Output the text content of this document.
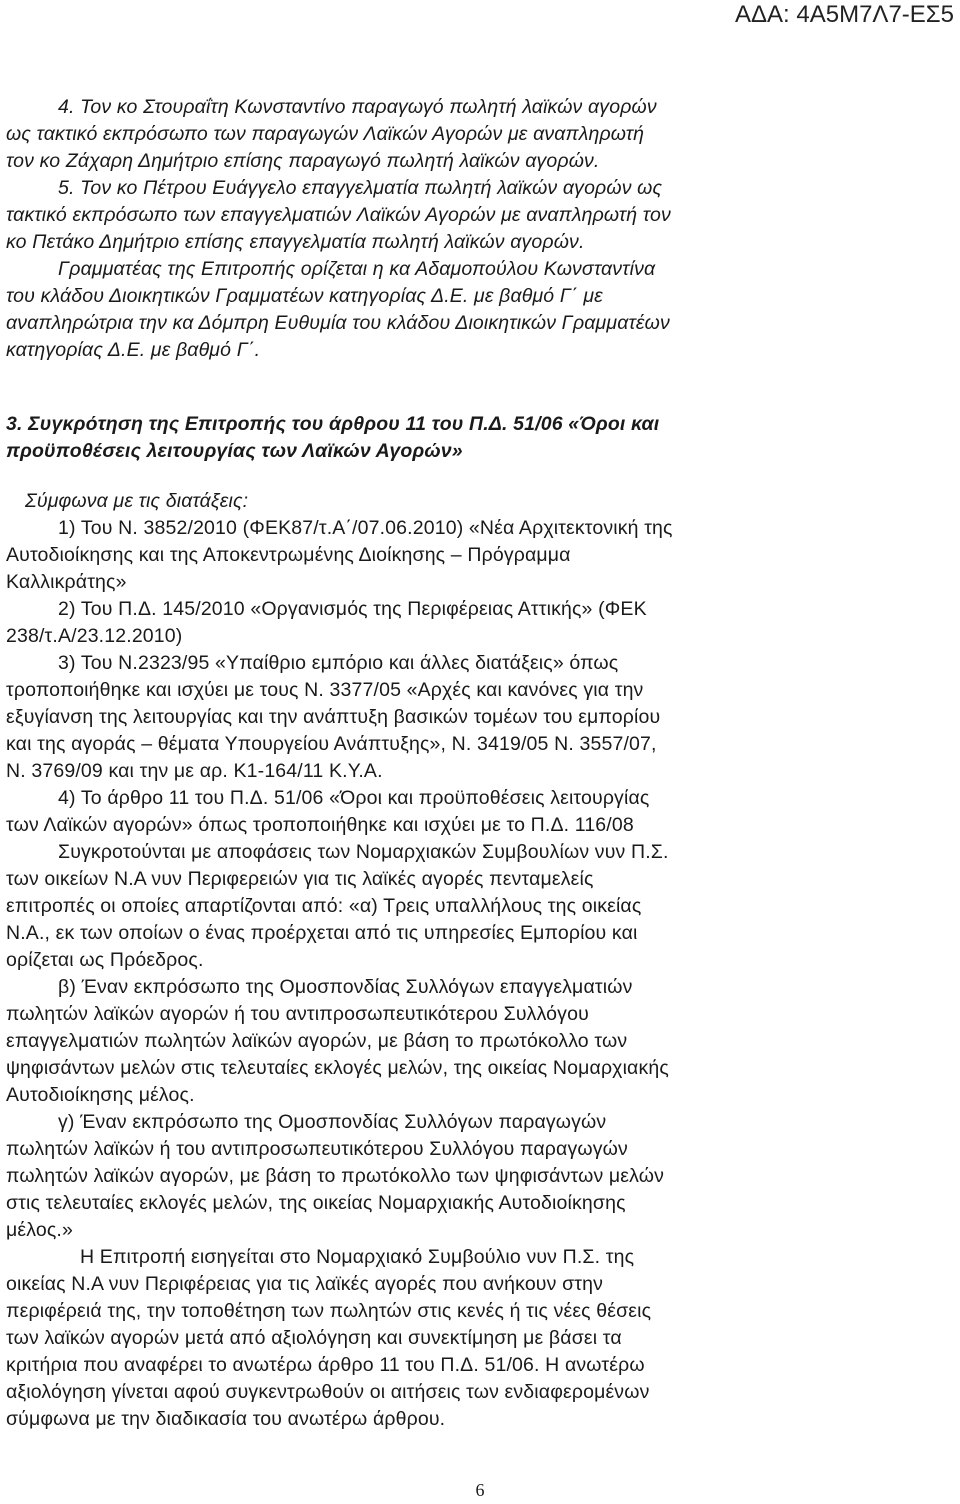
ΑΔΑ: 4Α5Μ7Λ7-ΕΣ5
4. Τον κο Στουραΐτη Κωνσταντίνο παραγωγό πωλητή λαϊκών αγορών
ως τακτικό εκπρόσωπο των παραγωγών Λαϊκών Αγορών με αναπληρωτή
τον κο Ζάχαρη Δημήτριο επίσης παραγωγό πωλητή λαϊκών αγορών.
5. Τον κο Πέτρου Ευάγγελο επαγγελματία πωλητή λαϊκών αγορών ως
τακτικό εκπρόσωπο των επαγγελματιών Λαϊκών Αγορών με αναπληρωτή τον
κο Πετάκο Δημήτριο επίσης επαγγελματία πωλητή λαϊκών αγορών.
Γραμματέας της Επιτροπής ορίζεται η κα Αδαμοπούλου Κωνσταντίνα
του κλάδου Διοικητικών Γραμματέων κατηγορίας Δ.Ε. με βαθμό Γ΄ με
αναπληρώτρια την κα Δόμπρη Ευθυμία του κλάδου Διοικητικών Γραμματέων
κατηγορίας Δ.Ε. με βαθμό Γ΄.
3. Συγκρότηση της Επιτροπής του άρθρου 11 του Π.Δ. 51/06 «Όροι και
προϋποθέσεις λειτουργίας των Λαϊκών Αγορών»
Σύμφωνα με τις διατάξεις:
1) Του Ν. 3852/2010 (ΦΕΚ87/τ.Α΄/07.06.2010) «Νέα Αρχιτεκτονική της
Αυτοδιοίκησης και της Αποκεντρωμένης Διοίκησης – Πρόγραμμα
Καλλικράτης»
2) Του Π.Δ. 145/2010 «Οργανισμός της Περιφέρειας Αττικής» (ΦΕΚ
238/τ.Α/23.12.2010)
3) Του Ν.2323/95 «Υπαίθριο εμπόριο και άλλες διατάξεις» όπως
τροποποιήθηκε και ισχύει με τους Ν. 3377/05 «Αρχές και κανόνες για την
εξυγίανση της λειτουργίας και την ανάπτυξη βασικών τομέων του εμπορίου
και της αγοράς – θέματα Υπουργείου Ανάπτυξης», Ν. 3419/05 Ν. 3557/07,
Ν. 3769/09 και την με αρ. Κ1-164/11 Κ.Υ.Α.
4) Το άρθρο 11 του Π.Δ. 51/06 «Όροι και προϋποθέσεις λειτουργίας
των Λαϊκών αγορών» όπως τροποποιήθηκε και ισχύει με το Π.Δ. 116/08
Συγκροτούνται με αποφάσεις των Νομαρχιακών Συμβουλίων νυν Π.Σ.
των οικείων Ν.Α νυν Περιφερειών για τις λαϊκές αγορές πενταμελείς
επιτροπές οι οποίες απαρτίζονται από: «α) Τρεις υπαλλήλους της οικείας
Ν.Α., εκ των οποίων ο ένας προέρχεται από τις υπηρεσίες Εμπορίου και
ορίζεται ως Πρόεδρος.
β) Έναν εκπρόσωπο της Ομοσπονδίας Συλλόγων επαγγελματιών
πωλητών λαϊκών αγορών ή του αντιπροσωπευτικότερου Συλλόγου
επαγγελματιών πωλητών λαϊκών αγορών, με βάση το πρωτόκολλο των
ψηφισάντων μελών στις τελευταίες εκλογές μελών, της οικείας Νομαρχιακής
Αυτοδιοίκησης μέλος.
γ) Έναν εκπρόσωπο της Ομοσπονδίας Συλλόγων παραγωγών
πωλητών λαϊκών ή του αντιπροσωπευτικότερου Συλλόγου παραγωγών
πωλητών λαϊκών αγορών, με βάση το πρωτόκολλο των ψηφισάντων μελών
στις τελευταίες εκλογές μελών, της οικείας Νομαρχιακής Αυτοδιοίκησης
μέλος.»
Η Επιτροπή εισηγείται στο Νομαρχιακό Συμβούλιο νυν Π.Σ. της
οικείας Ν.Α νυν Περιφέρειας για τις λαϊκές αγορές που ανήκουν στην
περιφέρειά της, την τοποθέτηση των πωλητών στις κενές ή τις νέες θέσεις
των λαϊκών αγορών μετά από αξιολόγηση και συνεκτίμηση με βάσει τα
κριτήρια που αναφέρει το ανωτέρω άρθρο 11 του Π.Δ. 51/06. Η ανωτέρω
αξιολόγηση γίνεται αφού συγκεντρωθούν οι αιτήσεις των ενδιαφερομένων
σύμφωνα με την διαδικασία του ανωτέρω άρθρου.
6
